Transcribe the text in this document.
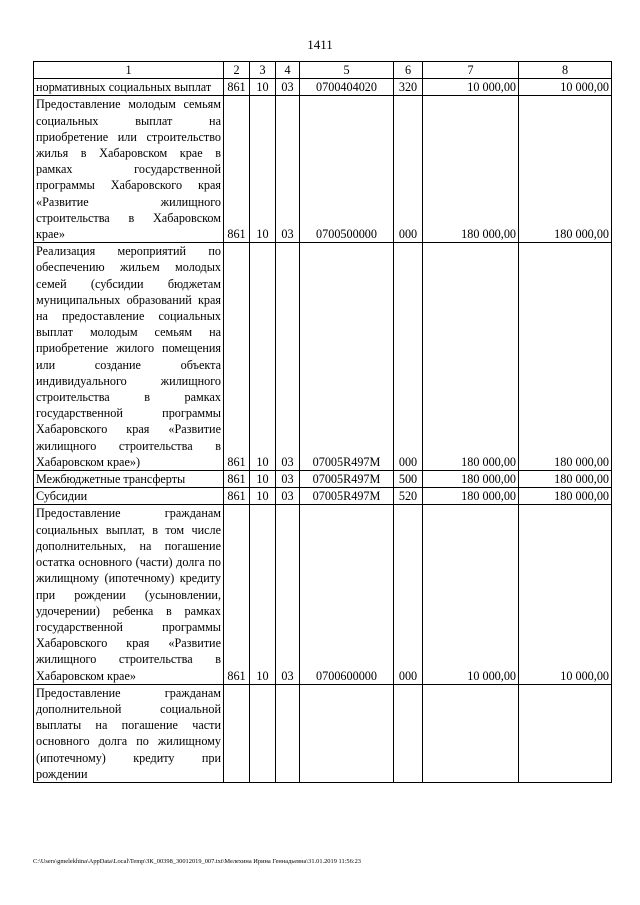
1411
1	2	3	4	5	6	7	8
нормативных социальных выплат	861	10	03	0700404020	320	10 000,00	10 000,00
Предоставление молодым семьям социальных выплат на приобретение или строительство жилья в Хабаровском крае в рамках государственной программы Хабаровского края «Развитие жилищного строительства в Хабаровском крае»	861	10	03	0700500000	000	180 000,00	180 000,00
Реализация мероприятий по обеспечению жильем молодых семей (субсидии бюджетам муниципальных образований края на предоставление социальных выплат молодым семьям на приобретение жилого помещения или создание объекта индивидуального жилищного строительства в рамках государственной программы Хабаровского края «Развитие жилищного строительства в Хабаровском крае»)	861	10	03	07005R497M	000	180 000,00	180 000,00
Межбюджетные трансферты	861	10	03	07005R497M	500	180 000,00	180 000,00
Субсидии	861	10	03	07005R497M	520	180 000,00	180 000,00
Предоставление гражданам социальных выплат, в том числе дополнительных, на погашение остатка основного (части) долга по жилищному (ипотечному) кредиту при рождении (усыновлении, удочерении) ребенка в рамках государственной программы Хабаровского края «Развитие жилищного строительства в Хабаровском крае»	861	10	03	0700600000	000	10 000,00	10 000,00
Предоставление гражданам дополнительной социальной выплаты на погашение части основного долга по жилищному (ипотечному) кредиту при рождении							
C:\Users\gmelekhina\AppData\Local\Temp\ЗК_00398_30012019_007.txt\Мелехина Ирина Геннадьевна\31.01.2019 11:56:23
